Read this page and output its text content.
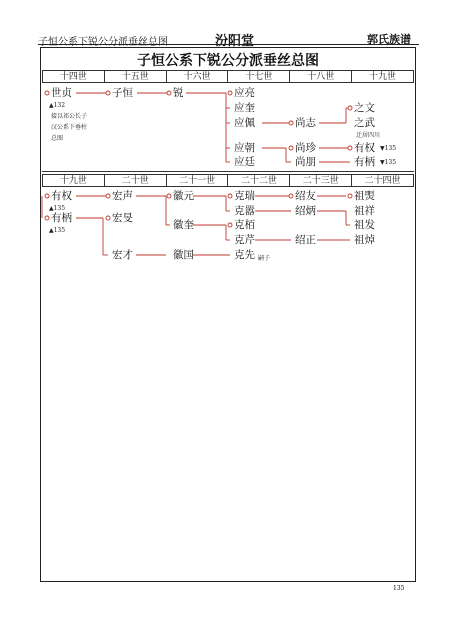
子恒公系下锐公分派垂丝总图	汾阳堂	郭氏族谱
子恒公系下锐公分派垂丝总图
十四世	十五世	十六世	十七世	十八世	十九世
十九世	二十世	二十一世	二十二世	二十三世	二十四世
世贞
▲132
接以祁公长子
汉公系下垂柱
总图
子恒	锐	应亮
应奎
应佩
应朝
应廷
尚志
尚珍
尚朋
之文
之武
迁居四川
有权 ▼135
有柄 ▼135
有权
▲135
有柄
▲135
宏声
宏旻
宏才
徽元
徽奎
徽国
克瑞
克嚣
克栢
克芹
克先 嗣子
绍友
绍炳
绍正
祖煚
祖祥
祖发
祖焯
135
